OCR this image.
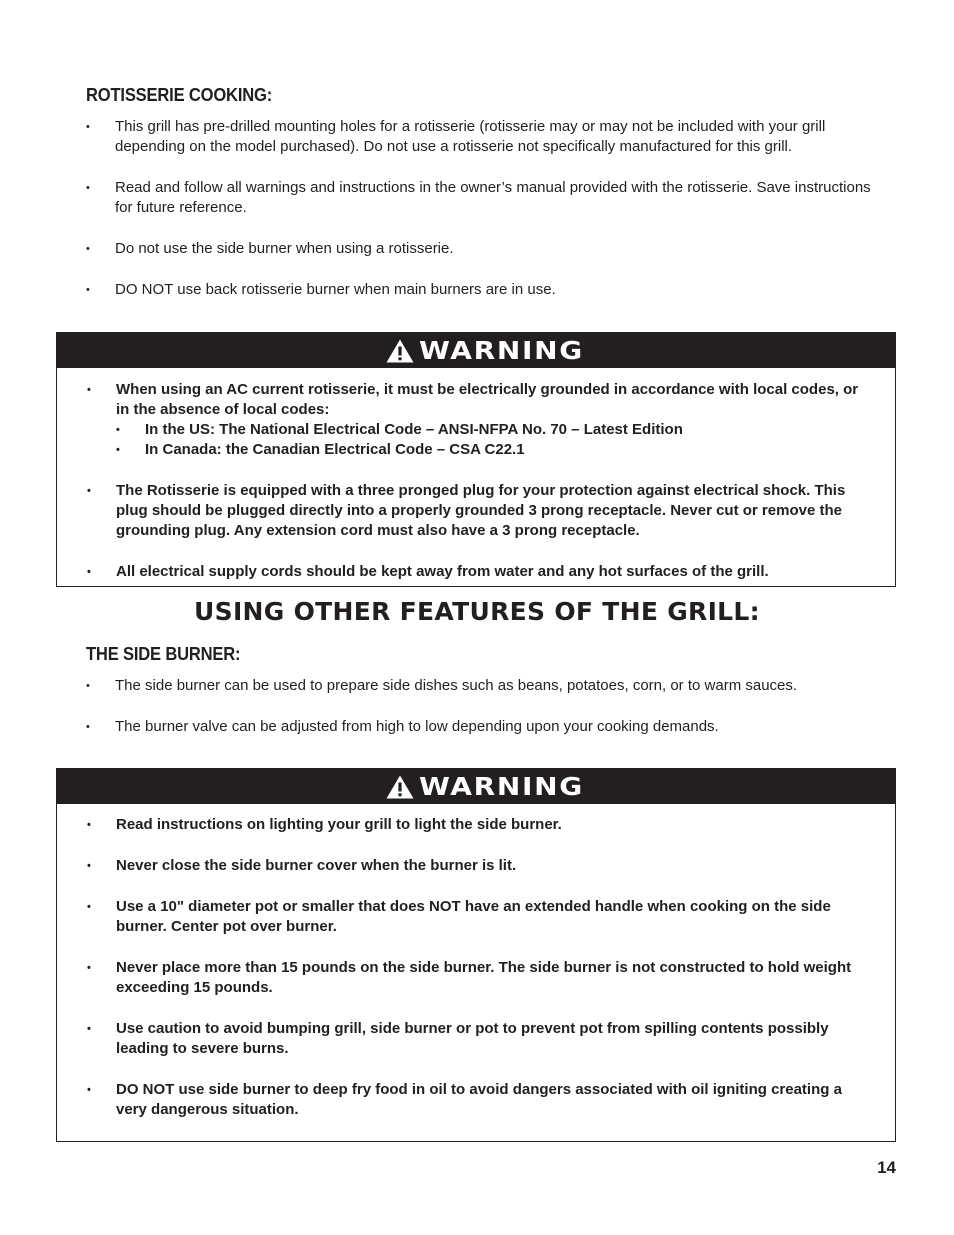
ROTISSERIE COOKING:
• This grill has pre-drilled mounting holes for a rotisserie (rotisserie may or may not be included with your grill depending on the model purchased). Do not use a rotisserie not specifically manufactured for this grill.
• Read and follow all warnings and instructions in the owner’s manual provided with the rotisserie. Save instructions for future reference.
• Do not use the side burner when using a rotisserie.
• DO NOT use back rotisserie burner when main burners are in use.
WARNING
• When using an AC current rotisserie, it must be electrically grounded in accordance with local codes, or in the absence of local codes:
• In the US: The National Electrical Code – ANSI-NFPA No. 70 – Latest Edition
• In Canada: the Canadian Electrical Code – CSA C22.1
• The Rotisserie is equipped with a three pronged plug for your protection against electrical shock. This plug should be plugged directly into a properly grounded 3 prong receptacle. Never cut or remove the grounding plug. Any extension cord must also have a 3 prong receptacle.
• All electrical supply cords should be kept away from water and any hot surfaces of the grill.
USING OTHER FEATURES OF THE GRILL:
THE SIDE BURNER:
• The side burner can be used to prepare side dishes such as beans, potatoes, corn, or to warm sauces.
• The burner valve can be adjusted from high to low depending upon your cooking demands.
WARNING
• Read instructions on lighting your grill to light the side burner.
• Never close the side burner cover when the burner is lit.
• Use a 10" diameter pot or smaller that does NOT have an extended handle when cooking on the side burner. Center pot over burner.
• Never place more than 15 pounds on the side burner. The side burner is not constructed to hold weight exceeding 15 pounds.
• Use caution to avoid bumping grill, side burner or pot to prevent pot from spilling contents possibly leading to severe burns.
• DO NOT use side burner to deep fry food in oil to avoid dangers associated with oil igniting creating a very dangerous situation.
14
